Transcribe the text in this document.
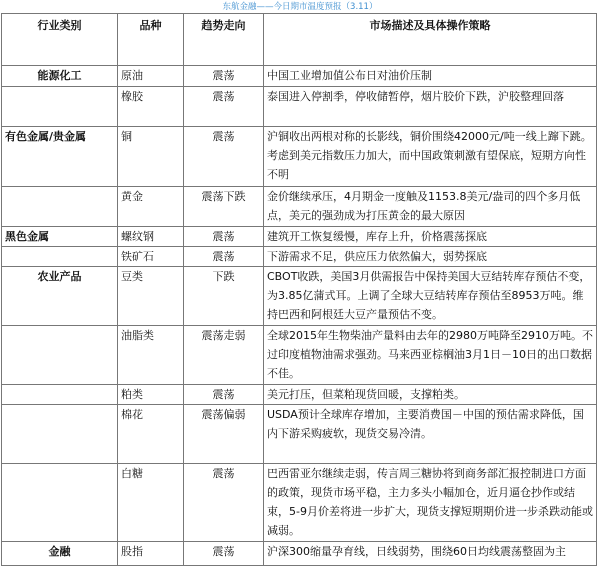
东航金融——今日期市温度预报（3.11）
行业类别	品种	趋势走向	市场描述及具体操作策略
能源化工	原油	震荡	中国工业增加值公布日对油价压制
	橡胶	震荡	泰国进入停割季，停收储暂停，烟片胶价下跌，沪胶整理回落
有色金属/贵金属	铜	震荡	沪铜收出两根对称的长影线，铜价围绕42000元/吨一线上蹿下跳。考虑到美元指数压力加大，而中国政策刺激有望保底，短期方向性不明
	黄金	震荡下跌	金价继续承压，4月期金一度触及1153.8美元/盎司的四个多月低点，美元的强劲成为打压黄金的最大原因
黑色金属	螺纹钢	震荡	建筑开工恢复缓慢，库存上升，价格震荡探底
	铁矿石	震荡	下游需求不足，供应压力依然偏大，弱势探底
农业产品	豆类	下跌	CBOT收跌，美国3月供需报告中保持美国大豆结转库存预估不变，为3.85亿蒲式耳。上调了全球大豆结转库存预估至8953万吨。维持巴西和阿根廷大豆产量预估不变。
	油脂类	震荡走弱	全球2015年生物柴油产量料由去年的2980万吨降至2910万吨。不过印度植物油需求强劲。马来西亚棕榈油3月1日－10日的出口数据不佳。
	粕类	震荡	美元打压，但菜粕现货回暖，支撑粕类。
	棉花	震荡偏弱	USDA预计全球库存增加，主要消费国－中国的预估需求降低，国内下游采购疲软，现货交易冷清。
	白糖	震荡	巴西雷亚尔继续走弱，传言周三糖协将到商务部汇报控制进口方面的政策，现货市场平稳，主力多头小幅加仓，近月逼仓抄作或结束，5-9月价差将进一步扩大，现货支撑短期期价进一步杀跌动能或减弱。
金融	股指	震荡	沪深300缩量孕育线，日线弱势，围绕60日均线震荡整固为主
